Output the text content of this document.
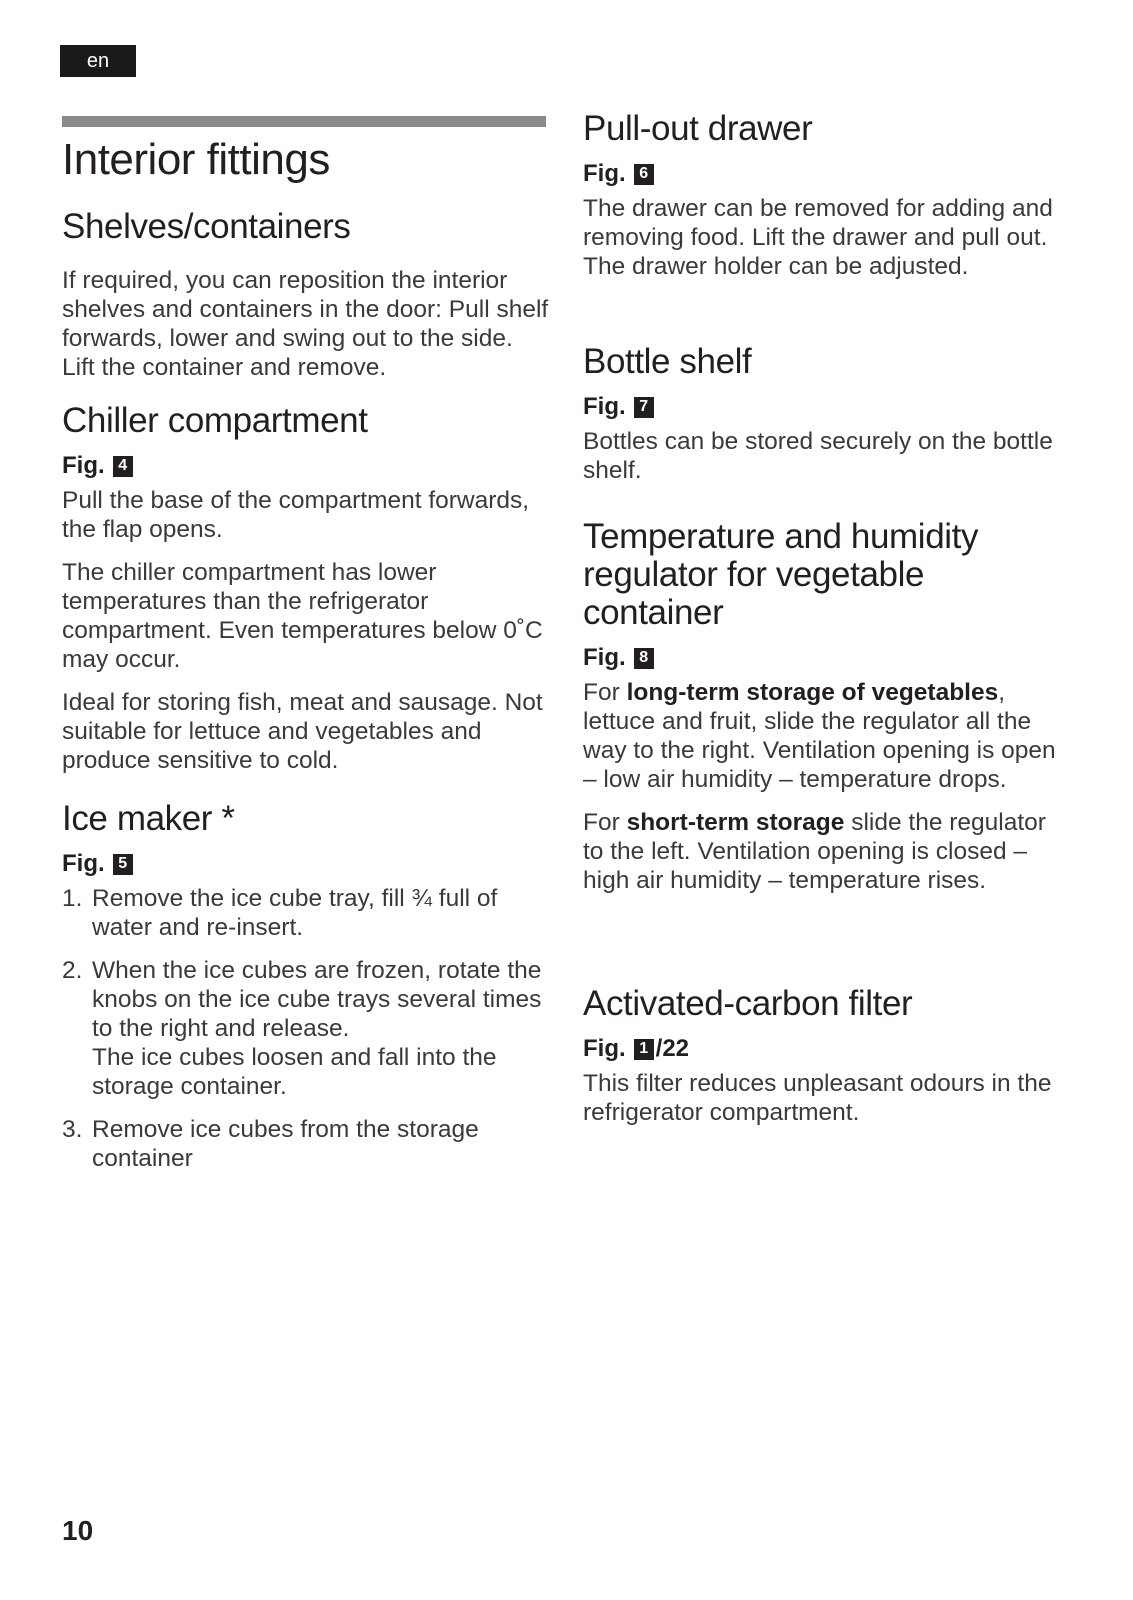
en
Interior fittings
Shelves/containers

If required, you can reposition the interior shelves and containers in the door: Pull shelf forwards, lower and swing out to the side. Lift the container and remove.

Chiller compartment
Fig. 4

Pull the base of the compartment forwards, the flap opens.

The chiller compartment has lower temperatures than the refrigerator compartment. Even temperatures below 0˚C may occur.

Ideal for storing fish, meat and sausage. Not suitable for lettuce and vegetables and produce sensitive to cold.

Ice maker *
Fig. 5
1. Remove the ice cube tray, fill ¾ full of water and re-insert.
2. When the ice cubes are frozen, rotate the knobs on the ice cube trays several times to the right and release.
The ice cubes loosen and fall into the storage container.
3. Remove ice cubes from the storage container
Pull-out drawer
Fig. 6

The drawer can be removed for adding and removing food. Lift the drawer and pull out. The drawer holder can be adjusted.

Bottle shelf
Fig. 7

Bottles can be stored securely on the bottle shelf.

Temperature and humidity regulator for vegetable container
Fig. 8

For long-term storage of vegetables, lettuce and fruit, slide the regulator all the way to the right. Ventilation opening is open – low air humidity – temperature drops.

For short-term storage slide the regulator to the left. Ventilation opening is closed – high air humidity – temperature rises.

Activated-carbon filter
Fig. 1 /22

This filter reduces unpleasant odours in the refrigerator compartment.

10
